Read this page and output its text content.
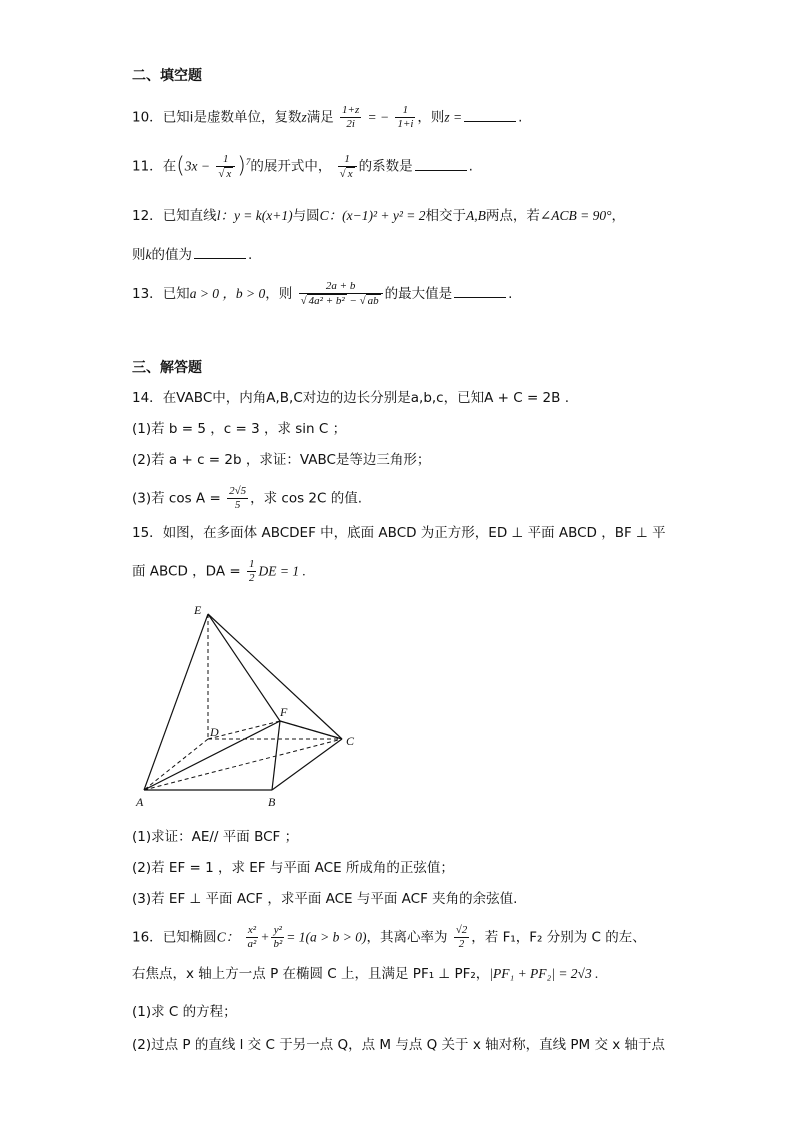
二、填空题
10．已知i是虚数单位，复数z满足 $\frac{1+z}{2i}$ = − $\frac{1}{1+i}$ ，则z =	.
11．在$(3x - \frac{1}{√ x} )^7$的展开式中， $\frac{1}{√ x}$ 的系数是	.
12．已知直线l：y = k(x+1)与圆C：(x−1)² + y² = 2相交于A,B两点，若∠ACB = 90°，
则k的值为	.
13．已知a > 0 ，b > 0，则 $\frac{2a + b}{\text{√ 4a² + b² − √ ab}}$ 的最大值是	.
三、解答题
14．在VABC中，内角A,B,C对边的边长分别是a,b,c，已知A + C = 2B .
(1)若 b = 5 ，c = 3 ，求 sin C ；
(2)若 a + c = 2b ，求证：VABC是等边三角形；
(3)若 $\cos A = \frac{2√5}{5}$ ，求 cos 2C 的值.
15．如图，在多面体 ABCDEF 中，底面 ABCD 为正方形，ED ⊥ 平面 ABCD ，BF ⊥ 平
面 ABCD ，DA = $\frac{1}{2}$ DE = 1 .
E
F
D
C
A	B
(1)求证：AE// 平面 BCF ；
(2)若 EF = 1 ，求 EF 与平面 ACE 所成角的正弦值；
(3)若 EF ⊥ 平面 ACF ，求平面 ACE 与平面 ACF 夹角的余弦值.
16．已知椭圆C： $\frac{\text{x²}}{\text{a²}} + \frac{\text{y²}}{\text{b²}} = 1(a > b > 0)$，其离心率为 $\frac{√2}{2}$ ，若 F₁，F₂ 分别为 C 的左、
右焦点，x 轴上方一点 P 在椭圆 C 上，且满足 PF₁ ⊥ PF₂，|PF₁ + PF₂| = 2√3 .
(1)求 C 的方程；
(2)过点 P 的直线 l 交 C 于另一点 Q，点 M 与点 Q 关于 x 轴对称，直线 PM 交 x 轴于点
